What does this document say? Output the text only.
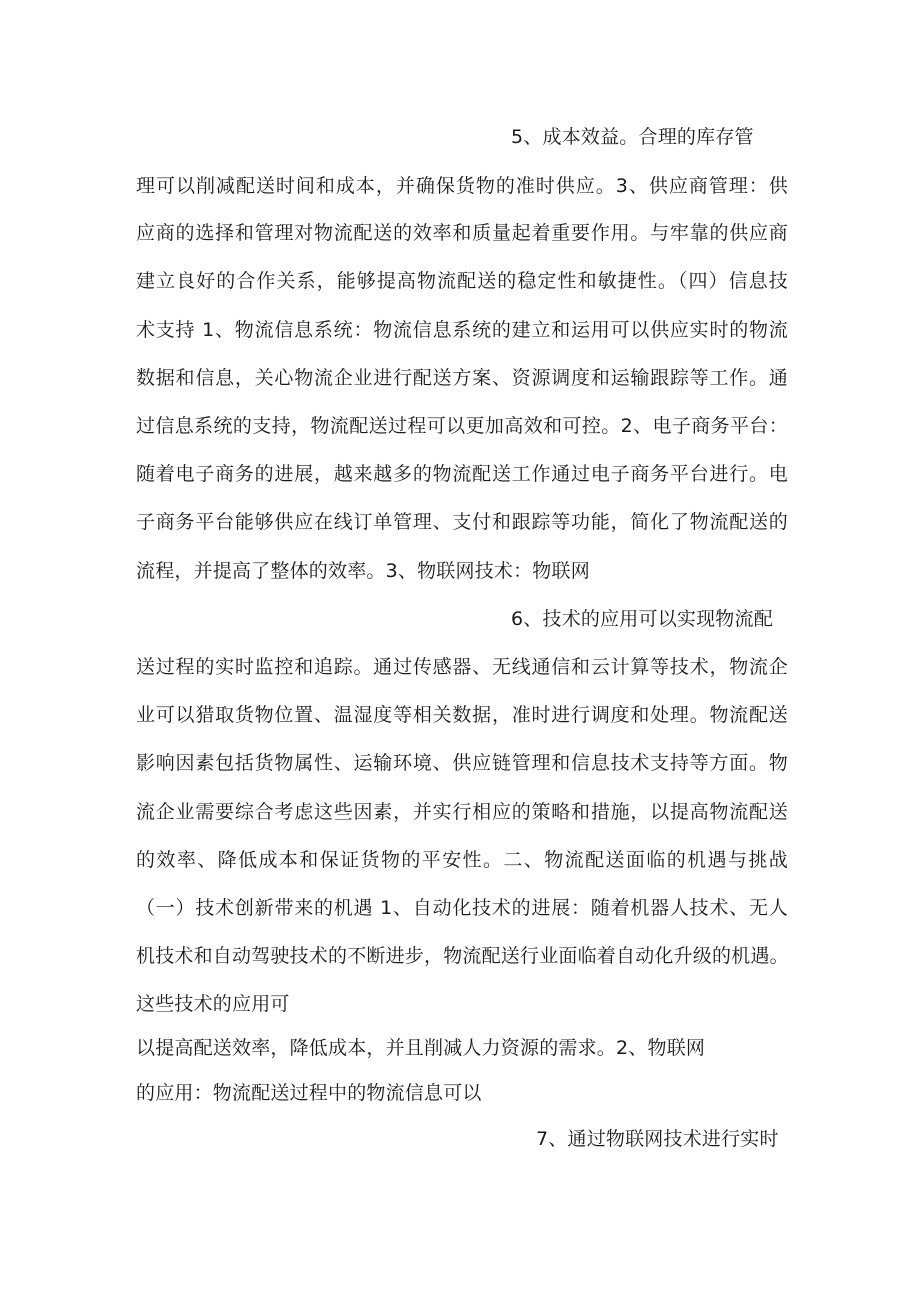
5、成本效益。合理的库存管
理可以削减配送时间和成本，并确保货物的准时供应。3、供应商管理：供
应商的选择和管理对物流配送的效率和质量起着重要作用。与牢靠的供应商
建立良好的合作关系，能够提高物流配送的稳定性和敏捷性。（四）信息技
术支持 1、物流信息系统：物流信息系统的建立和运用可以供应实时的物流
数据和信息，关心物流企业进行配送方案、资源调度和运输跟踪等工作。通
过信息系统的支持，物流配送过程可以更加高效和可控。2、电子商务平台：
随着电子商务的进展，越来越多的物流配送工作通过电子商务平台进行。电
子商务平台能够供应在线订单管理、支付和跟踪等功能，简化了物流配送的
流程，并提高了整体的效率。3、物联网技术：物联网
6、技术的应用可以实现物流配
送过程的实时监控和追踪。通过传感器、无线通信和云计算等技术，物流企
业可以猎取货物位置、温湿度等相关数据，准时进行调度和处理。物流配送
影响因素包括货物属性、运输环境、供应链管理和信息技术支持等方面。物
流企业需要综合考虑这些因素，并实行相应的策略和措施，以提高物流配送
的效率、降低成本和保证货物的平安性。二、物流配送面临的机遇与挑战
（一）技术创新带来的机遇 1、自动化技术的进展：随着机器人技术、无人
机技术和自动驾驶技术的不断进步，物流配送行业面临着自动化升级的机遇。
这些技术的应用可
以提高配送效率，降低成本，并且削减人力资源的需求。2、物联网
的应用：物流配送过程中的物流信息可以
7、通过物联网技术进行实时
